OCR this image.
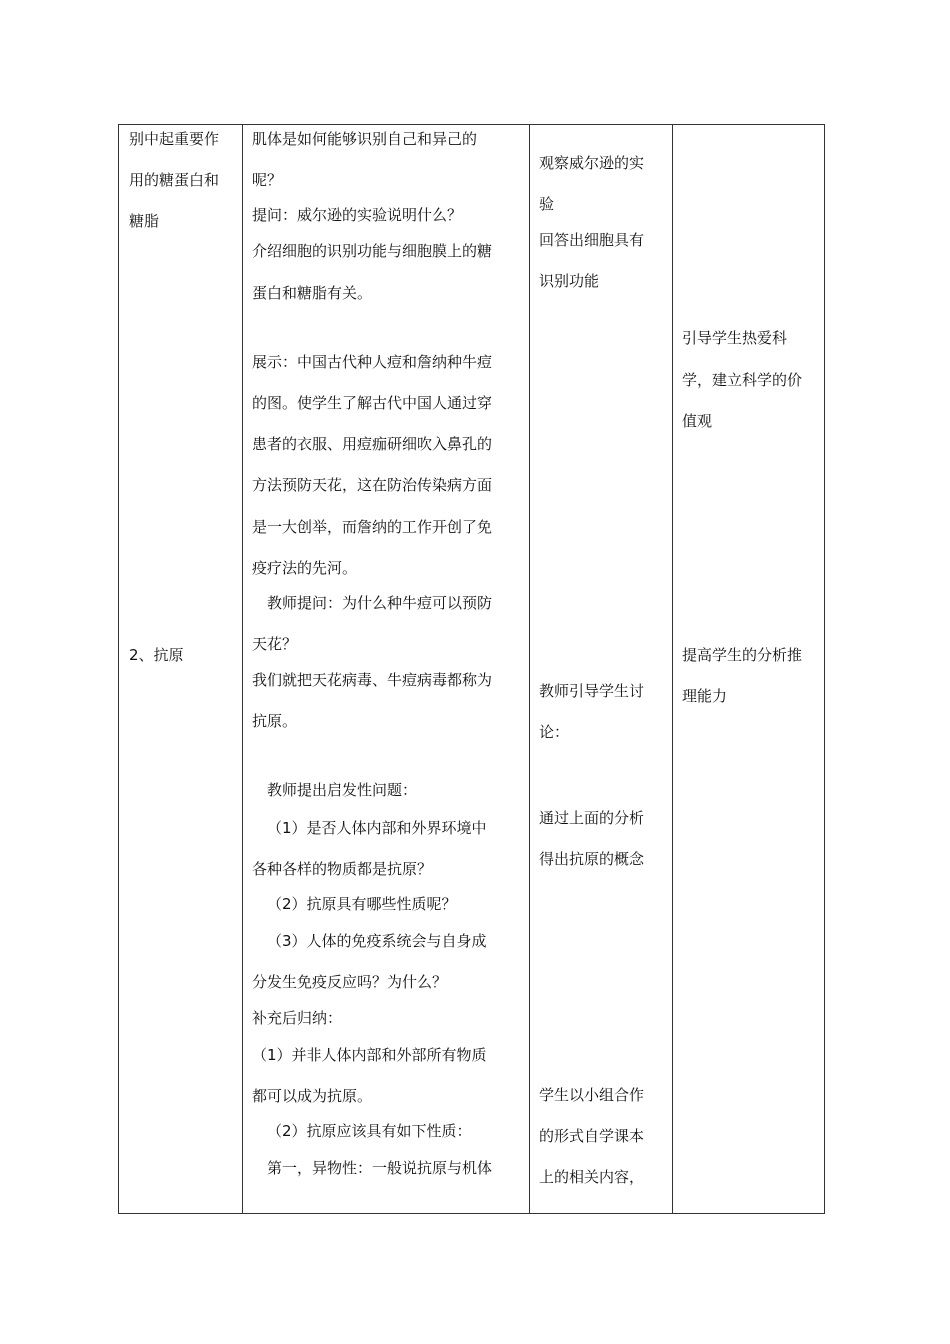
别中起重要作
用的糖蛋白和
糖脂
2、抗原
肌体是如何能够识别自己和异己的
呢？
提问：威尔逊的实验说明什么？
介绍细胞的识别功能与细胞膜上的糖
蛋白和糖脂有关。
展示：中国古代种人痘和詹纳种牛痘
的图。使学生了解古代中国人通过穿
患者的衣服、用痘痂研细吹入鼻孔的
方法预防天花，这在防治传染病方面
是一大创举，而詹纳的工作开创了免
疫疗法的先河。
教师提问：为什么种牛痘可以预防
天花？
我们就把天花病毒、牛痘病毒都称为
抗原。
教师提出启发性问题：
（1）是否人体内部和外界环境中
各种各样的物质都是抗原？
（2）抗原具有哪些性质呢？
（3）人体的免疫系统会与自身成
分发生免疫反应吗？为什么？
补充后归纳：
（1）并非人体内部和外部所有物质
都可以成为抗原。
（2）抗原应该具有如下性质：
第一，异物性：一般说抗原与机体
观察威尔逊的实
验
回答出细胞具有
识别功能
教师引导学生讨
论：
通过上面的分析
得出抗原的概念
学生以小组合作
的形式自学课本
上的相关内容，
引导学生热爱科
学，建立科学的价
值观
提高学生的分析推
理能力
